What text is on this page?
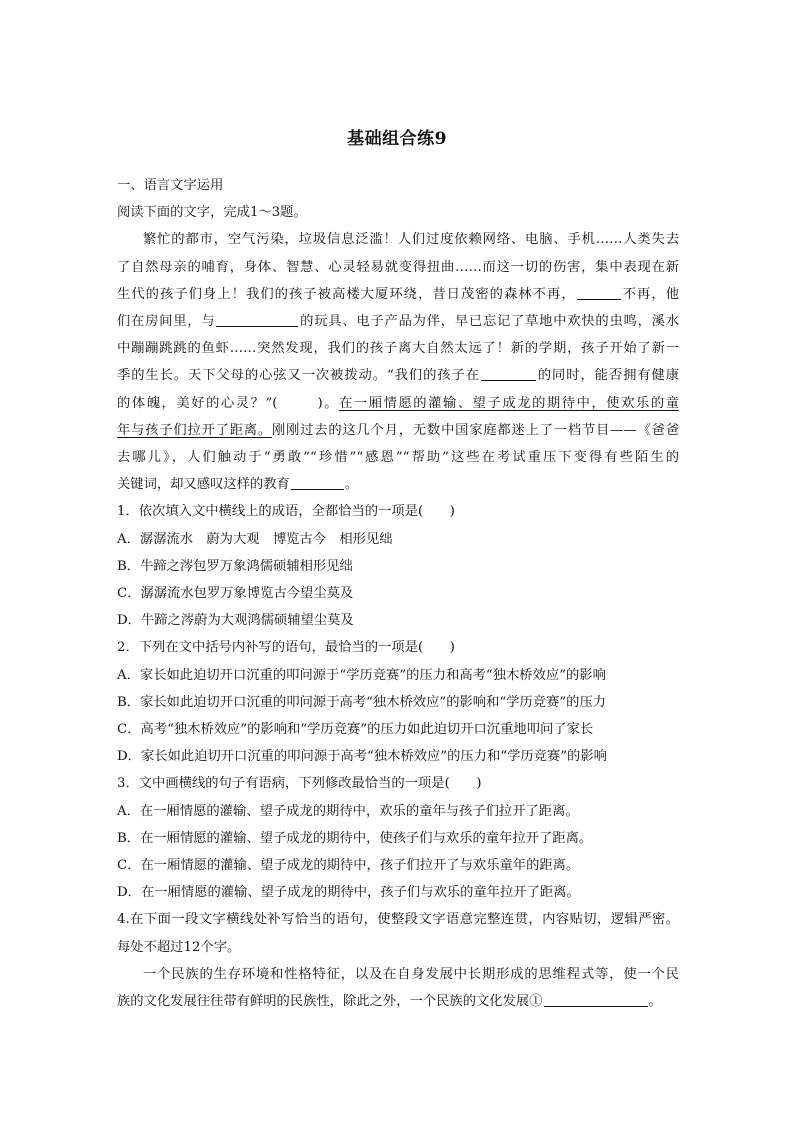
基础组合练9
一、语言文字运用
阅读下面的文字，完成1～3题。
繁忙的都市，空气污染，垃圾信息泛滥！人们过度依赖网络、电脑、手机……人类失去
了自然母亲的哺育，身体、智慧、心灵轻易就变得扭曲……而这一切的伤害，集中表现在新
生代的孩子们身上！我们的孩子被高楼大厦环绕，昔日茂密的森林不再，	不再，他
们在房间里，与	的玩具、电子产品为伴，早已忘记了草地中欢快的虫鸣，溪水
中蹦蹦跳跳的鱼虾……突然发现，我们的孩子离大自然太远了！新的学期，孩子开始了新一
季的生长。天下父母的心弦又一次被拨动。“我们的孩子在	的同时，能否拥有健康
的体魄，美好的心灵？”(	)。在一厢情愿的灌输、望子成龙的期待中，使欢乐的童
年与孩子们拉开了距离。刚刚过去的这几个月，无数中国家庭都迷上了一档节目——《爸爸
去哪儿》，人们触动于“勇敢”“珍惜”“感恩”“帮助”这些在考试重压下变得有些陌生的
关键词，却又感叹这样的教育	。
1．依次填入文中横线上的成语，全都恰当的一项是(　　)
A．潺潺流水　蔚为大观　博览古今　相形见绌
B．牛蹄之涔包罗万象鸿儒硕辅相形见绌
C．潺潺流水包罗万象博览古今望尘莫及
D．牛蹄之涔蔚为大观鸿儒硕辅望尘莫及
2．下列在文中括号内补写的语句，最恰当的一项是(　　)
A．家长如此迫切开口沉重的叩问源于“学历竞赛”的压力和高考“独木桥效应”的影响
B．家长如此迫切开口沉重的叩问源于高考“独木桥效应”的影响和“学历竞赛”的压力
C．高考“独木桥效应”的影响和“学历竞赛”的压力如此迫切开口沉重地叩问了家长
D．家长如此迫切开口沉重的叩问源于高考“独木桥效应”的压力和“学历竞赛”的影响
3．文中画横线的句子有语病，下列修改最恰当的一项是(　　)
A．在一厢情愿的灌输、望子成龙的期待中，欢乐的童年与孩子们拉开了距离。
B．在一厢情愿的灌输、望子成龙的期待中，使孩子们与欢乐的童年拉开了距离。
C．在一厢情愿的灌输、望子成龙的期待中，孩子们拉开了与欢乐童年的距离。
D．在一厢情愿的灌输、望子成龙的期待中，孩子们与欢乐的童年拉开了距离。
4.在下面一段文字横线处补写恰当的语句，使整段文字语意完整连贯，内容贴切，逻辑严密。
每处不超过12个字。
一个民族的生存环境和性格特征，以及在自身发展中长期形成的思维程式等，使一个民
族的文化发展往往带有鲜明的民族性，除此之外，一个民族的文化发展①	。
